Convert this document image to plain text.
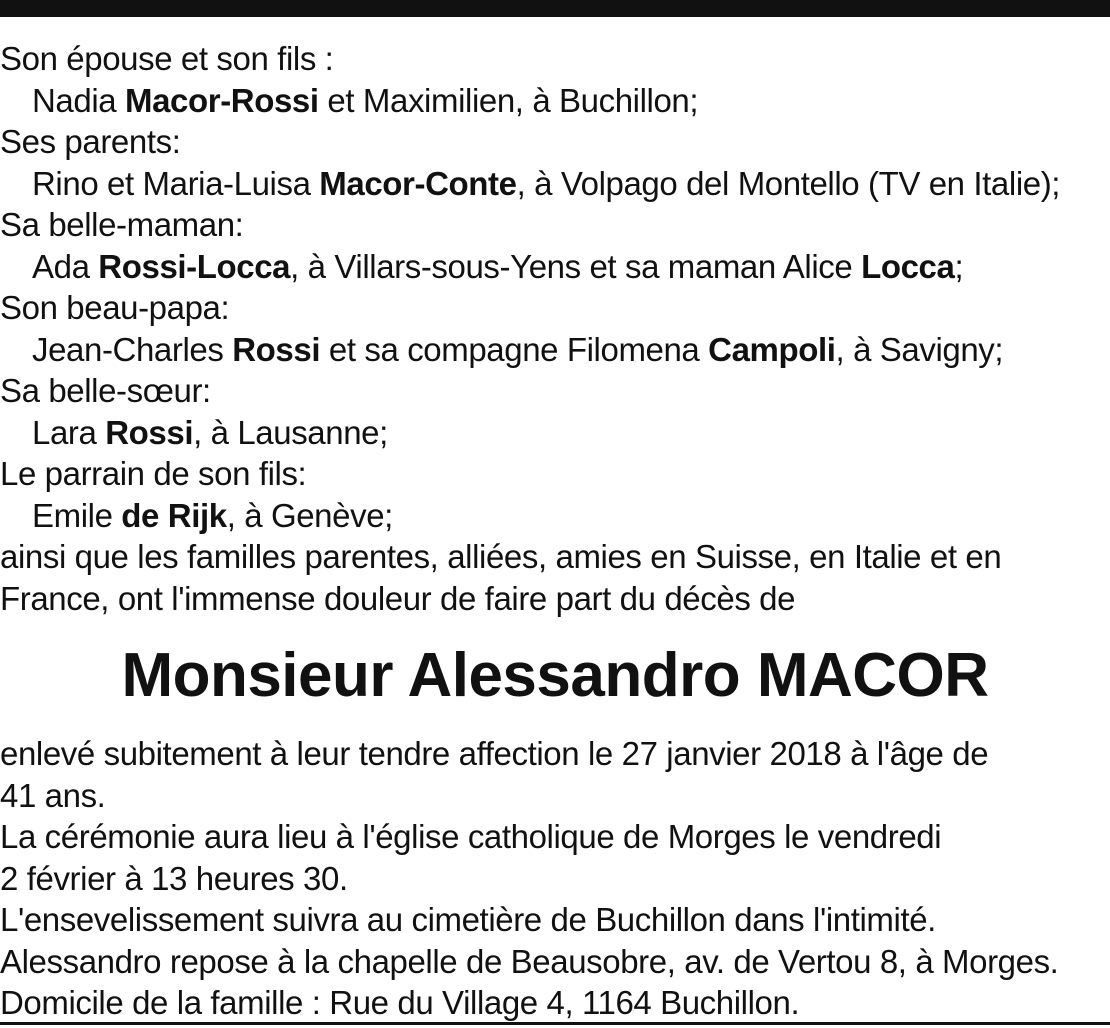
Son épouse et son fils :
Nadia Macor-Rossi et Maximilien, à Buchillon;
Ses parents:
Rino et Maria-Luisa Macor-Conte, à Volpago del Montello (TV en Italie);
Sa belle-maman:
Ada Rossi-Locca, à Villars-sous-Yens et sa maman Alice Locca;
Son beau-papa:
Jean-Charles Rossi et sa compagne Filomena Campoli, à Savigny;
Sa belle-sœur:
Lara Rossi, à Lausanne;
Le parrain de son fils:
Emile de Rijk, à Genève;
ainsi que les familles parentes, alliées, amies en Suisse, en Italie et en
France, ont l'immense douleur de faire part du décès de
Monsieur Alessandro MACOR
enlevé subitement à leur tendre affection le 27 janvier 2018 à l'âge de
41 ans.
La cérémonie aura lieu à l'église catholique de Morges le vendredi
2 février à 13 heures 30.
L'ensevelissement suivra au cimetière de Buchillon dans l'intimité.
Alessandro repose à la chapelle de Beausobre, av. de Vertou 8, à Morges.
Domicile de la famille : Rue du Village 4, 1164 Buchillon.
